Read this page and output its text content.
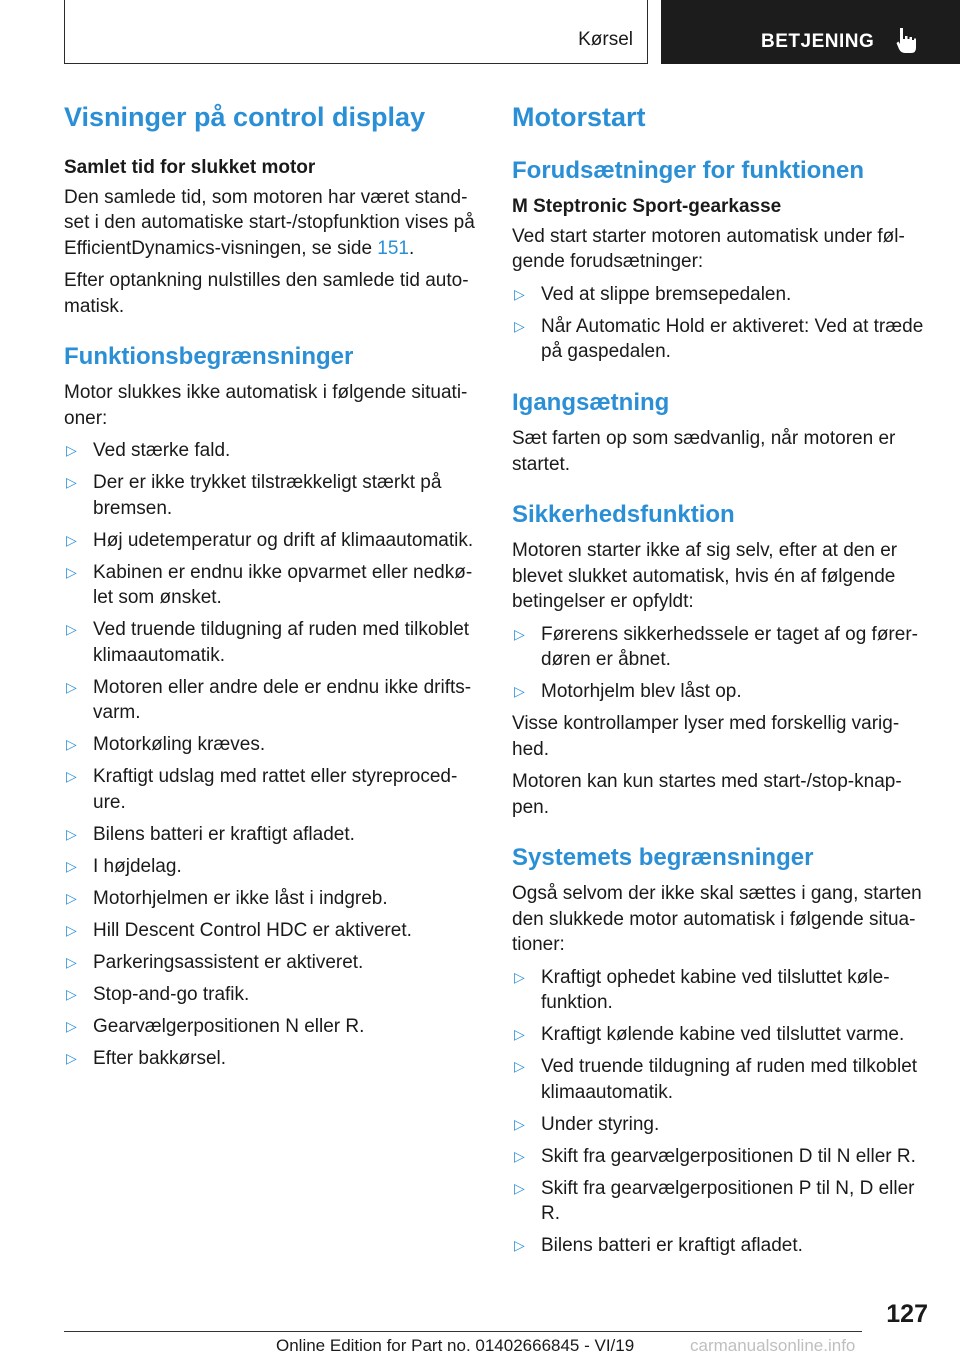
Kørsel	BETJENING
Visninger på control display
Samlet tid for slukket motor

Den samlede tid, som motoren har været stand-set i den automatiske start-/stopfunktion vises på EfficientDynamics-visningen, se side 151.

Efter optankning nulstilles den samlede tid auto-matisk.

Funktionsbegrænsninger

Motor slukkes ikke automatisk i følgende situati-oner:

▷ Ved stærke fald.
▷ Der er ikke trykket tilstrækkeligt stærkt på bremsen.
▷ Høj udetemperatur og drift af klimaautomatik.
▷ Kabinen er endnu ikke opvarmet eller nedkø-let som ønsket.
▷ Ved truende tildugning af ruden med tilkoblet klimaautomatik.
▷ Motoren eller andre dele er endnu ikke drifts-varm.
▷ Motorkøling kræves.
▷ Kraftigt udslag med rattet eller styreproced-ure.
▷ Bilens batteri er kraftigt afladet.
▷ I højdelag.
▷ Motorhjelmen er ikke låst i indgreb.
▷ Hill Descent Control HDC er aktiveret.
▷ Parkeringsassistent er aktiveret.
▷ Stop-and-go trafik.
▷ Gearvælgerpositionen N eller R.
▷ Efter bakkørsel.
Motorstart
Forudsætninger for funktionen
M Steptronic Sport-gearkasse

Ved start starter motoren automatisk under føl-gende forudsætninger:

▷ Ved at slippe bremsepedalen.
▷ Når Automatic Hold er aktiveret: Ved at træde på gaspedalen.
Igangsætning

Sæt farten op som sædvanlig, når motoren er startet.

Sikkerhedsfunktion

Motoren starter ikke af sig selv, efter at den er blevet slukket automatisk, hvis én af følgende betingelser er opfyldt:

▷ Førerens sikkerhedssele er taget af og fører-døren er åbnet.
▷ Motorhjelm blev låst op.

Visse kontrollamper lyser med forskellig varig-hed.

Motoren kan kun startes med start-/stop-knap-pen.

Systemets begrænsninger

Også selvom der ikke skal sættes i gang, starten den slukkede motor automatisk i følgende situa-tioner:

▷ Kraftigt ophedet kabine ved tilsluttet køle-funktion.
▷ Kraftigt kølende kabine ved tilsluttet varme.
▷ Ved truende tildugning af ruden med tilkoblet klimaautomatik.
▷ Under styring.
▷ Skift fra gearvælgerpositionen D til N eller R.
▷ Skift fra gearvælgerpositionen P til N, D eller R.
▷ Bilens batteri er kraftigt afladet.
127
Online Edition for Part no. 01402666845 - VI/19	carmanualsonline.info
